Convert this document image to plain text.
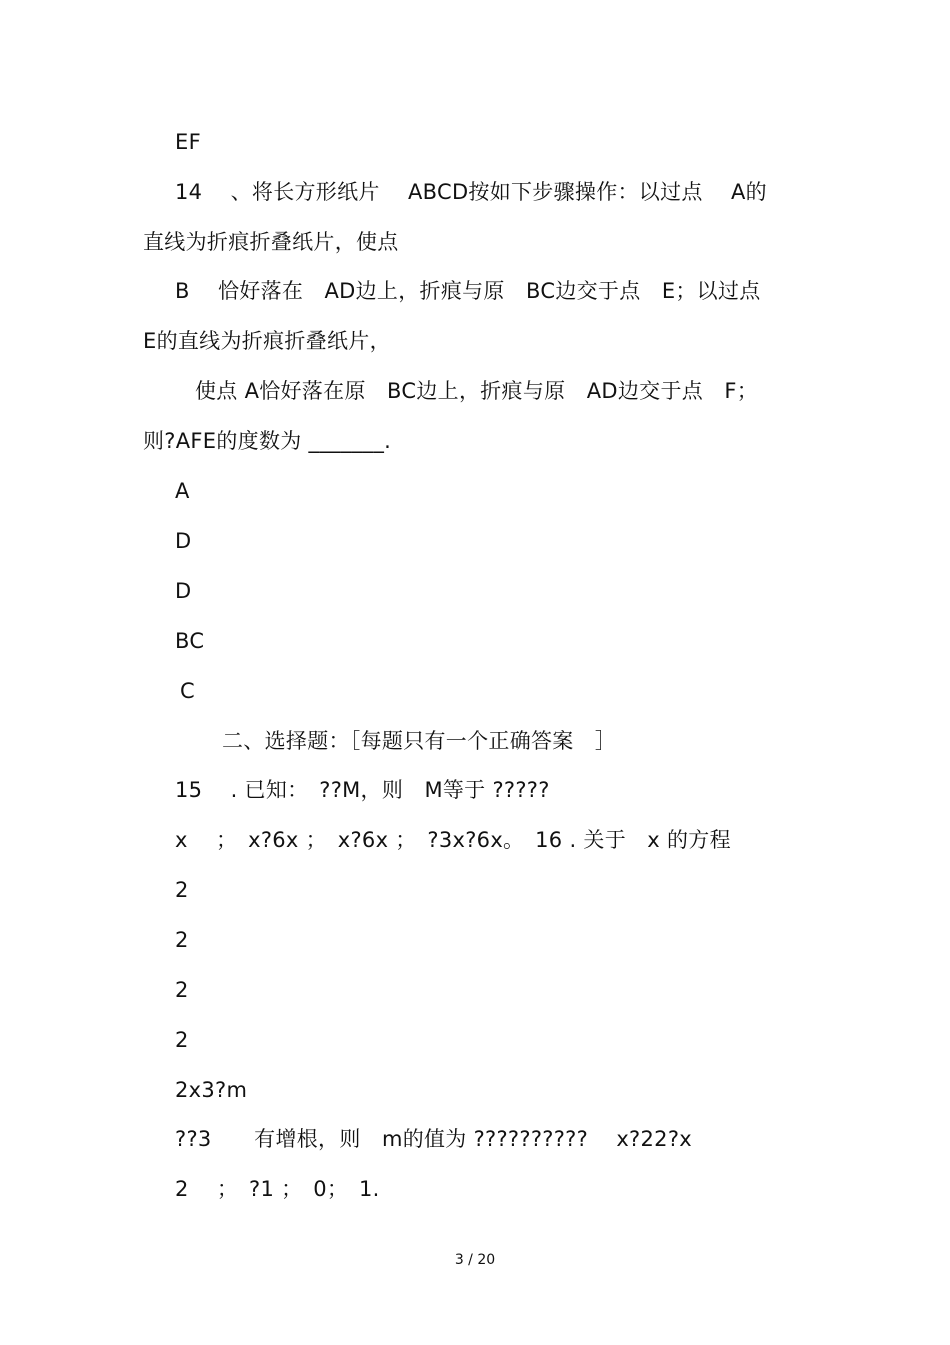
EF
14　 、将长方形纸片　 ABCD按如下步骤操作：以过点　 A的
直线为折痕折叠纸片，使点
B　 恰好落在　AD边上，折痕与原　BC边交于点　E；以过点
E的直线为折痕折叠纸片，
使点 A恰好落在原　BC边上，折痕与原　AD边交于点　F；
则?AFE的度数为 _______.
A
D
D
BC
C
二、选择题：［每题只有一个正确答案　］
15　 . 已知：　??M，则　M等于 ?????
x　 ；　x?6x ；　x?6x ；　?3x?6x。　16 . 关于　x 的方程
2
2
2
2
2x3?m
??3　　有增根，则　m的值为 ?????????? 　x?22?x
2　 ；　?1 ；　0；　1.
3 / 20
